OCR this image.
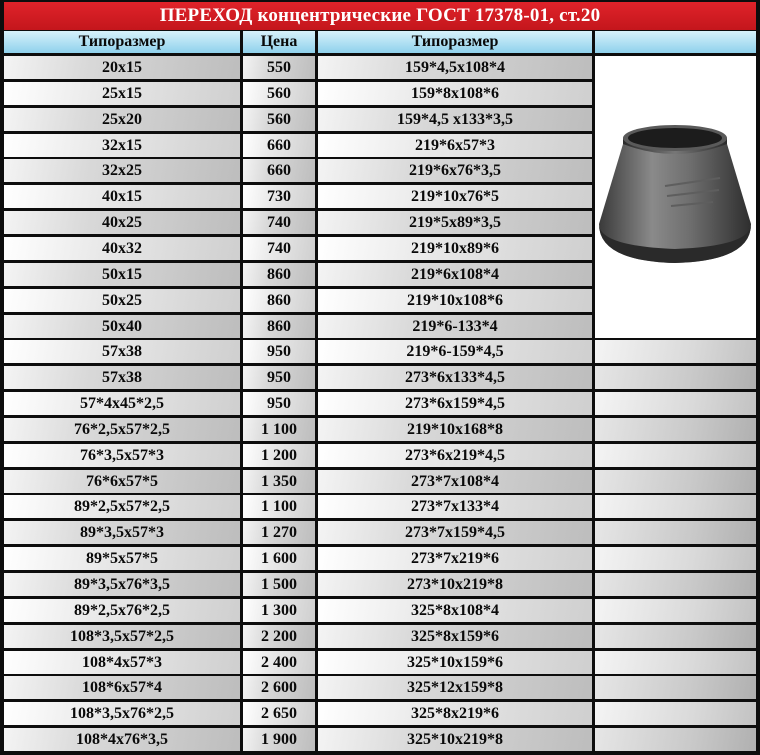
ПЕРЕХОД концентрические ГОСТ 17378-01, ст.20
Типоразмер	Цена	Типоразмер
20x15	550	159*4,5x108*4
25x15	560	159*8x108*6
25x20	560	159*4,5 x133*3,5
32x15	660	219*6x57*3
32x25	660	219*6x76*3,5
40x15	730	219*10x76*5
40x25	740	219*5x89*3,5
40x32	740	219*10x89*6
50x15	860	219*6x108*4
50x25	860	219*10x108*6
50x40	860	219*6-133*4
57x38	950	219*6-159*4,5
57x38	950	273*6x133*4,5
57*4x45*2,5	950	273*6x159*4,5
76*2,5x57*2,5	1 100	219*10x168*8
76*3,5x57*3	1 200	273*6x219*4,5
76*6x57*5	1 350	273*7x108*4
89*2,5x57*2,5	1 100	273*7x133*4
89*3,5x57*3	1 270	273*7x159*4,5
89*5x57*5	1 600	273*7x219*6
89*3,5x76*3,5	1 500	273*10x219*8
89*2,5x76*2,5	1 300	325*8x108*4
108*3,5x57*2,5	2 200	325*8x159*6
108*4x57*3	2 400	325*10x159*6
108*6x57*4	2 600	325*12x159*8
108*3,5x76*2,5	2 650	325*8x219*6
108*4x76*3,5	1 900	325*10x219*8
